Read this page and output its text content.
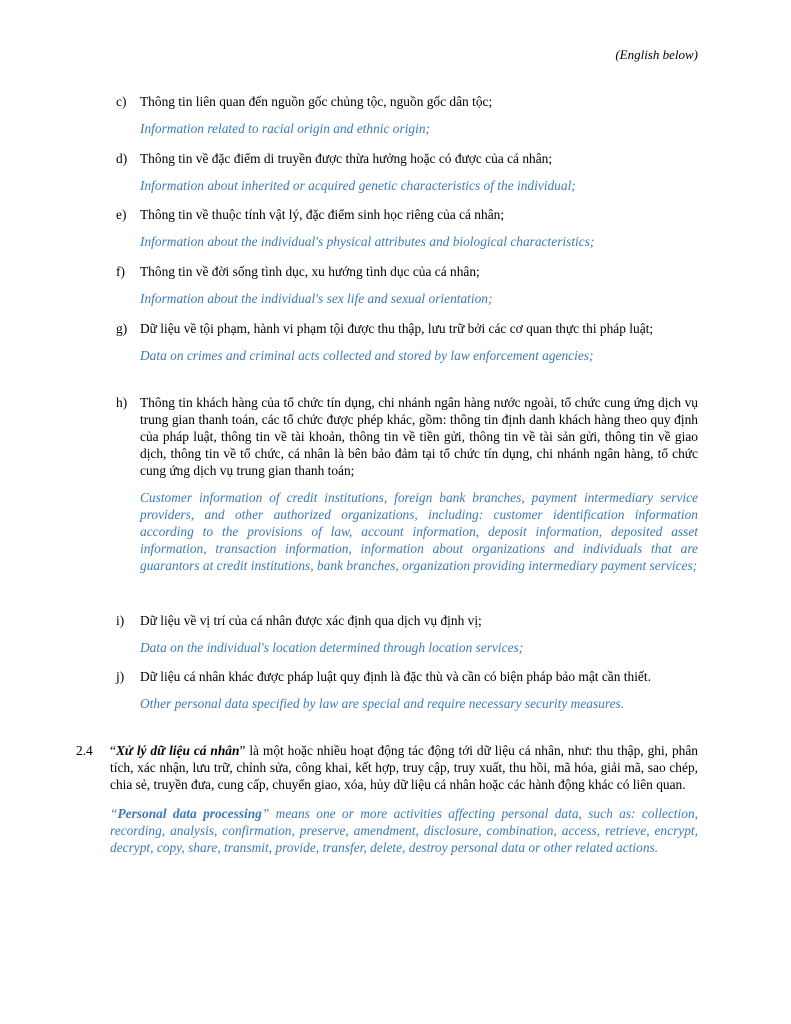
(English below)
c)	Thông tin liên quan đến nguồn gốc chủng tộc, nguồn gốc dân tộc;
Information related to racial origin and ethnic origin;
d) Thông tin về đặc điểm di truyền được thừa hưởng hoặc có được của cá nhân;
Information about inherited or acquired genetic characteristics of the individual;
e)	Thông tin về thuộc tính vật lý, đặc điểm sinh học riêng của cá nhân;
Information about the individual's physical attributes and biological characteristics;
f)	Thông tin về đời sống tình dục, xu hướng tình dục của cá nhân;
Information about the individual's sex life and sexual orientation;
g) Dữ liệu về tội phạm, hành vi phạm tội được thu thập, lưu trữ bởi các cơ quan thực thi pháp luật;
Data on crimes and criminal acts collected and stored by law enforcement agencies;
h) Thông tin khách hàng của tổ chức tín dụng, chi nhánh ngân hàng nước ngoài, tổ chức cung ứng dịch vụ trung gian thanh toán, các tổ chức được phép khác, gồm: thông tin định danh khách hàng theo quy định của pháp luật, thông tin về tài khoản, thông tin về tiền gửi, thông tin về tài sản gửi, thông tin về giao dịch, thông tin về tổ chức, cá nhân là bên bảo đảm tại tổ chức tín dụng, chi nhánh ngân hàng, tổ chức cung ứng dịch vụ trung gian thanh toán;
Customer information of credit institutions, foreign bank branches, payment intermediary service providers, and other authorized organizations, including: customer identification information according to the provisions of law, account information, deposit information, deposited asset information, transaction information, information about organizations and individuals that are guarantors at credit institutions, bank branches, organization providing intermediary payment services;
i)	Dữ liệu về vị trí của cá nhân được xác định qua dịch vụ định vị;
Data on the individual's location determined through location services;
j)	Dữ liệu cá nhân khác được pháp luật quy định là đặc thù và cần có biện pháp bảo mật cần thiết.
Other personal data specified by law are special and require necessary security measures.
2.4	“Xử lý dữ liệu cá nhân” là một hoặc nhiều hoạt động tác động tới dữ liệu cá nhân, như: thu thập, ghi, phân tích, xác nhận, lưu trữ, chỉnh sửa, công khai, kết hợp, truy cập, truy xuất, thu hồi, mã hóa, giải mã, sao chép, chia sẻ, truyền đưa, cung cấp, chuyển giao, xóa, hủy dữ liệu cá nhân hoặc các hành động khác có liên quan.
“Personal data processing” means one or more activities affecting personal data, such as: collection, recording, analysis, confirmation, preserve, amendment, disclosure, combination, access, retrieve, encrypt, decrypt, copy, share, transmit, provide, transfer, delete, destroy personal data or other related actions.
